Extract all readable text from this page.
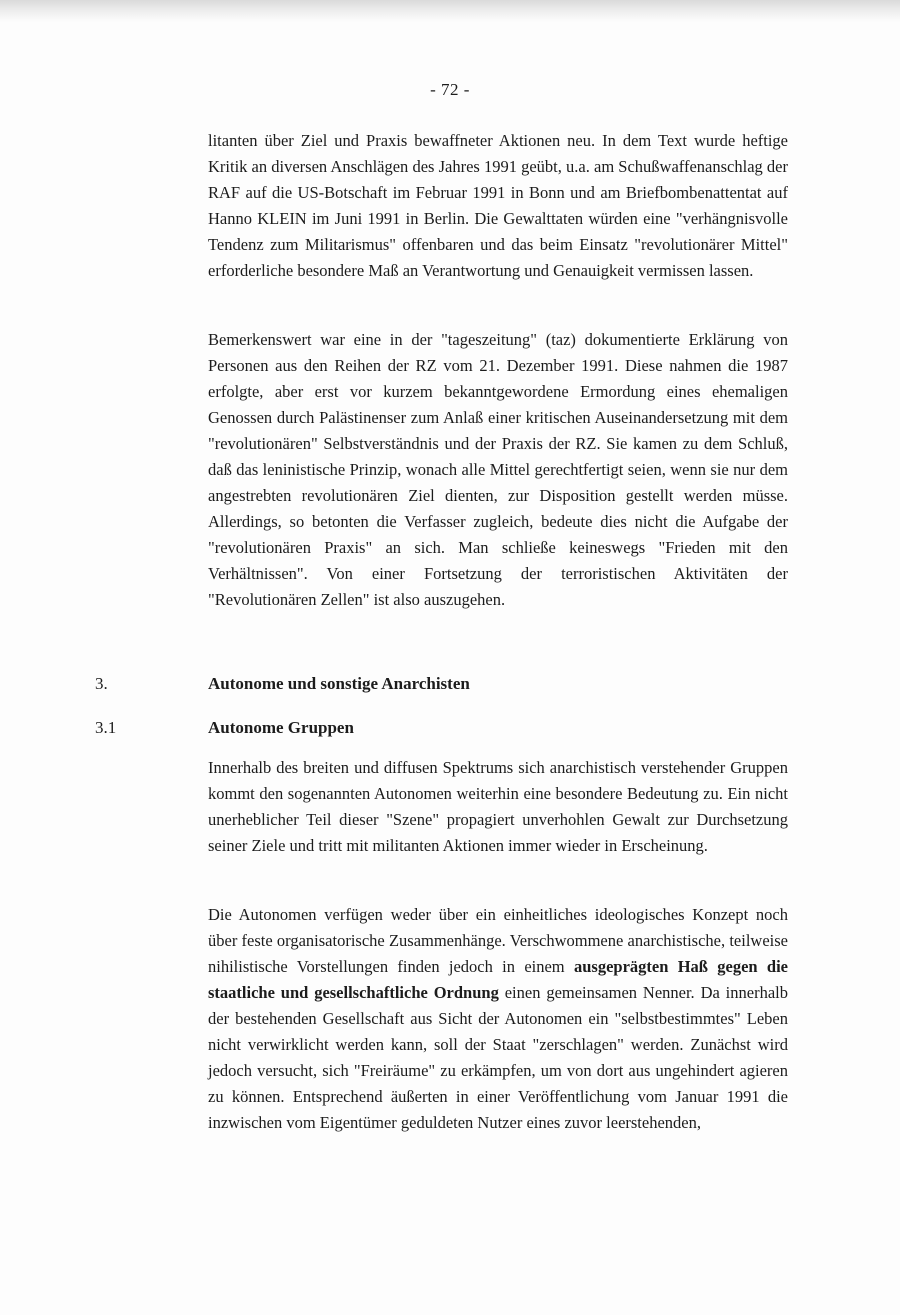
- 72 -

litanten über Ziel und Praxis bewaffneter Aktionen neu. In dem Text wurde heftige Kritik an diversen Anschlägen des Jahres 1991 geübt, u.a. am Schußwaffenanschlag der RAF auf die US-Botschaft im Februar 1991 in Bonn und am Briefbombenattentat auf Hanno KLEIN im Juni 1991 in Berlin. Die Gewalttaten würden eine "verhängnisvolle Tendenz zum Militarismus" offenbaren und das beim Einsatz "revolutionärer Mittel" erforderliche besondere Maß an Verantwortung und Genauigkeit vermissen lassen.

Bemerkenswert war eine in der "tageszeitung" (taz) dokumentierte Erklärung von Personen aus den Reihen der RZ vom 21. Dezember 1991. Diese nahmen die 1987 erfolgte, aber erst vor kurzem bekanntgewordene Ermordung eines ehemaligen Genossen durch Palästinenser zum Anlaß einer kritischen Auseinandersetzung mit dem "revolutionären" Selbstverständnis und der Praxis der RZ. Sie kamen zu dem Schluß, daß das leninistische Prinzip, wonach alle Mittel gerechtfertigt seien, wenn sie nur dem angestrebten revolutionären Ziel dienten, zur Disposition gestellt werden müsse. Allerdings, so betonten die Verfasser zugleich, bedeute dies nicht die Aufgabe der "revolutionären Praxis" an sich. Man schließe keineswegs "Frieden mit den Verhältnissen". Von einer Fortsetzung der terroristischen Aktivitäten der "Revolutionären Zellen" ist also auszugehen.

3.	Autonome und sonstige Anarchisten
3.1	Autonome Gruppen

Innerhalb des breiten und diffusen Spektrums sich anarchistisch verstehender Gruppen kommt den sogenannten Autonomen weiterhin eine besondere Bedeutung zu. Ein nicht unerheblicher Teil dieser "Szene" propagiert unverhohlen Gewalt zur Durchsetzung seiner Ziele und tritt mit militanten Aktionen immer wieder in Erscheinung.

Die Autonomen verfügen weder über ein einheitliches ideologisches Konzept noch über feste organisatorische Zusammenhänge. Verschwommene anarchistische, teilweise nihilistische Vorstellungen finden jedoch in einem ausgeprägten Haß gegen die staatliche und gesellschaftliche Ordnung einen gemeinsamen Nenner. Da innerhalb der bestehenden Gesellschaft aus Sicht der Autonomen ein "selbstbestimmtes" Leben nicht verwirklicht werden kann, soll der Staat "zerschlagen" werden. Zunächst wird jedoch versucht, sich "Freiräume" zu erkämpfen, um von dort aus ungehindert agieren zu können. Entsprechend äußerten in einer Veröffentlichung vom Januar 1991 die inzwischen vom Eigentümer geduldeten Nutzer eines zuvor leerstehenden,
